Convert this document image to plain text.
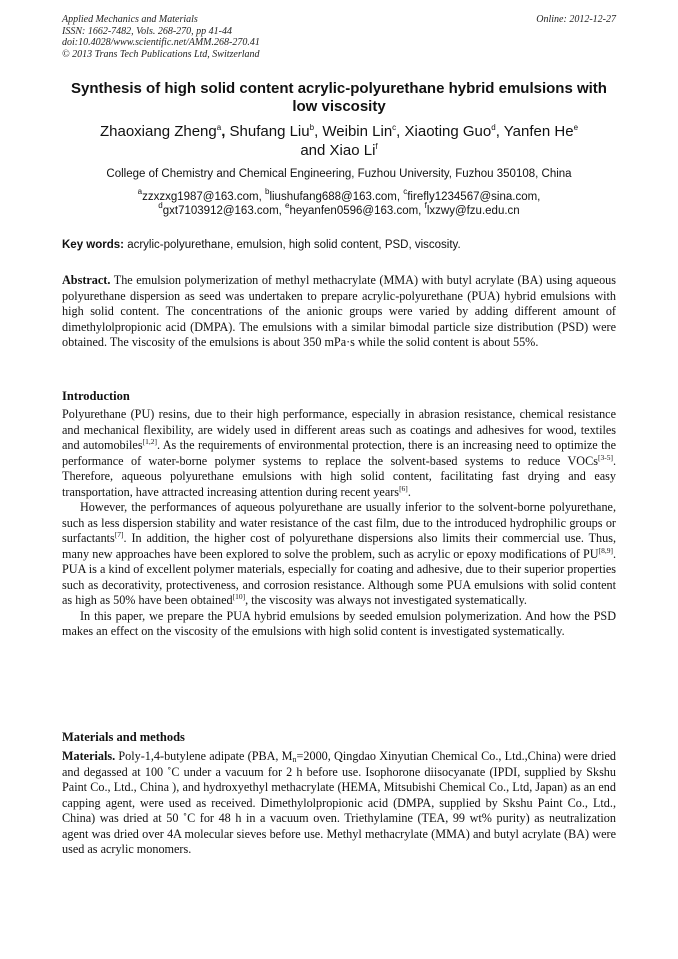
Applied Mechanics and Materials
ISSN: 1662-7482, Vols. 268-270, pp 41-44
doi:10.4028/www.scientific.net/AMM.268-270.41
© 2013 Trans Tech Publications Ltd, Switzerland
Online: 2012-12-27
Synthesis of high solid content acrylic-polyurethane hybrid emulsions with low viscosity
Zhaoxiang Zheng$^a$, Shufang Liu$^b$, Weibin Lin$^c$, Xiaoting Guo$^d$, Yanfen He$^e$
and Xiao Li$^f$
College of Chemistry and Chemical Engineering, Fuzhou University, Fuzhou 350108, China
$^a$zzxzxg1987@163.com, $^b$liushufang688@163.com, $^c$firefly1234567@sina.com,
$^d$gxt7103912@163.com, $^e$heyanfen0596@163.com, $^f$lxzwy@fzu.edu.cn
Key words: acrylic-polyurethane, emulsion, high solid content, PSD, viscosity.

Abstract. The emulsion polymerization of methyl methacrylate (MMA) with butyl acrylate (BA) using aqueous polyurethane dispersion as seed was undertaken to prepare acrylic-polyurethane (PUA) hybrid emulsions with high solid content. The concentrations of the anionic groups were varied by adding different amount of dimethylolpropionic acid (DMPA). The emulsions with a similar bimodal particle size distribution (PSD) were obtained. The viscosity of the emulsions is about 350 mPa·s while the solid content is about 55%.

Introduction

Polyurethane (PU) resins, due to their high performance, especially in abrasion resistance, chemical resistance and mechanical flexibility, are widely used in different areas such as coatings and adhesives for wood, textiles and automobiles[1,2]. As the requirements of environmental protection, there is an increasing need to optimize the performance of water-borne polymer systems to replace the solvent-based systems to reduce VOCs[3-5]. Therefore, aqueous polyurethane emulsions with high solid content, facilitating fast drying and easy transportation, have attracted increasing attention during recent years[6].

However, the performances of aqueous polyurethane are usually inferior to the solvent-borne polyurethane, such as less dispersion stability and water resistance of the cast film, due to the introduced hydrophilic groups or surfactants[7]. In addition, the higher cost of polyurethane dispersions also limits their commercial use. Thus, many new approaches have been explored to solve the problem, such as acrylic or epoxy modifications of PU[8,9]. PUA is a kind of excellent polymer materials, especially for coating and adhesive, due to their superior properties such as decorativity, protectiveness, and corrosion resistance. Although some PUA emulsions with solid content as high as 50% have been obtained[10], the viscosity was always not investigated systematically.

In this paper, we prepare the PUA hybrid emulsions by seeded emulsion polymerization. And how the PSD makes an effect on the viscosity of the emulsions with high solid content is investigated systematically.

Materials and methods

Materials. Poly-1,4-butylene adipate (PBA, $M_n=2000$, Qingdao Xinyutian Chemical Co., Ltd.,China) were dried and degassed at 100 ˚C under a vacuum for 2 h before use. Isophorone diisocyanate (IPDI, supplied by Skshu Paint Co., Ltd., China ), and hydroxyethyl methacrylate (HEMA, Mitsubishi Chemical Co., Ltd, Japan) as an end capping agent, were used as received. Dimethylolpropionic acid (DMPA, supplied by Skshu Paint Co., Ltd., China) was dried at 50 ˚C for 48 h in a vacuum oven. Triethylamine (TEA, 99 wt% purity) as neutralization agent was dried over 4A molecular sieves before use. Methyl methacrylate (MMA) and butyl acrylate (BA) were used as acrylic monomers.
